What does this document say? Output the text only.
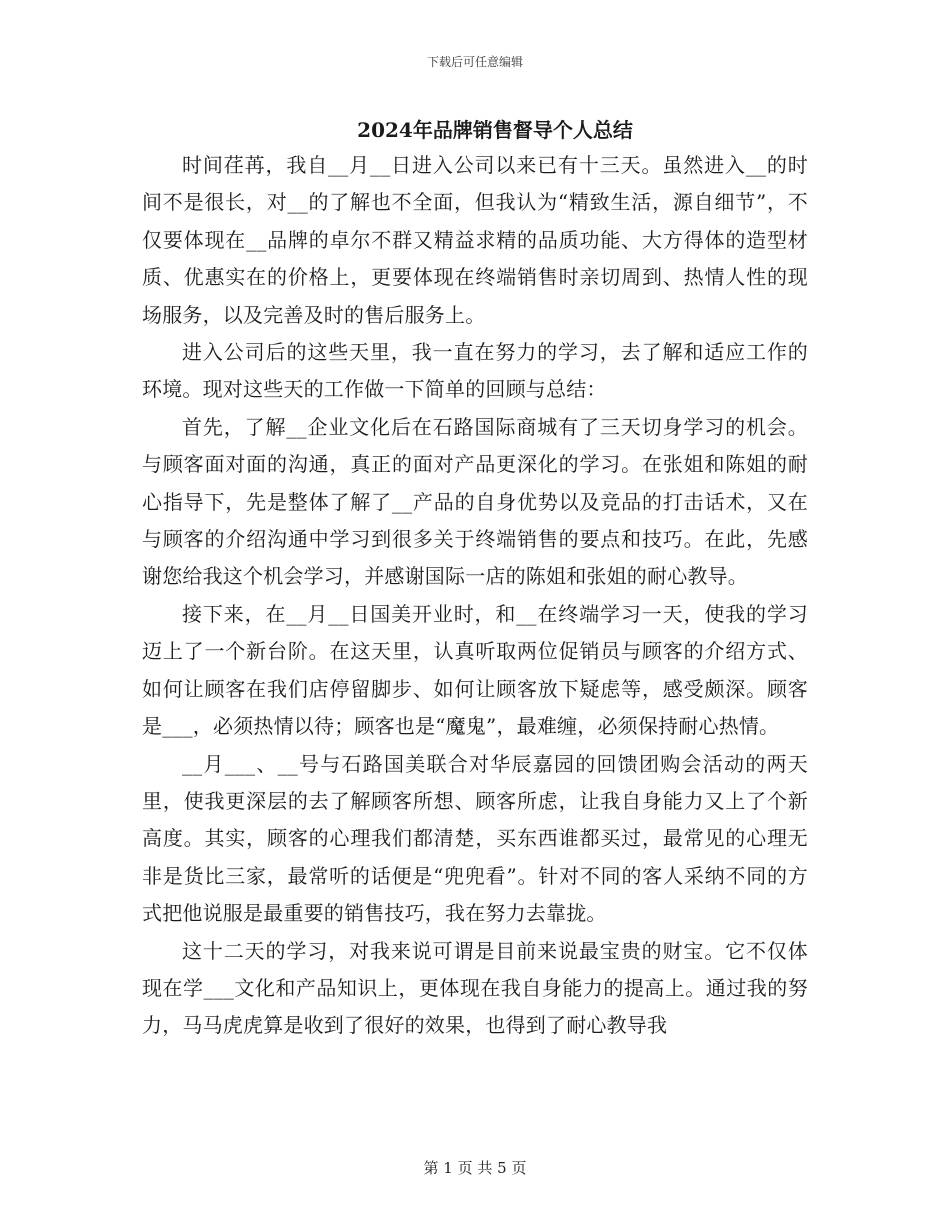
下载后可任意编辑
2024年品牌销售督导个人总结

时间荏苒，我自__月__日进入公司以来已有十三天。虽然进入__的时间不是很长，对__的了解也不全面，但我认为“精致生活，源自细节”，不仅要体现在__品牌的卓尔不群又精益求精的品质功能、大方得体的造型材质、优惠实在的价格上，更要体现在终端销售时亲切周到、热情人性的现场服务，以及完善及时的售后服务上。

进入公司后的这些天里，我一直在努力的学习，去了解和适应工作的环境。现对这些天的工作做一下简单的回顾与总结：

首先，了解__企业文化后在石路国际商城有了三天切身学习的机会。与顾客面对面的沟通，真正的面对产品更深化的学习。在张姐和陈姐的耐心指导下，先是整体了解了__产品的自身优势以及竞品的打击话术，又在与顾客的介绍沟通中学习到很多关于终端销售的要点和技巧。在此，先感谢您给我这个机会学习，并感谢国际一店的陈姐和张姐的耐心教导。

接下来，在__月__日国美开业时，和__在终端学习一天，使我的学习迈上了一个新台阶。在这天里，认真听取两位促销员与顾客的介绍方式、如何让顾客在我们店停留脚步、如何让顾客放下疑虑等，感受颇深。顾客是___，必须热情以待；顾客也是“魔鬼”，最难缠，必须保持耐心热情。

__月___、__号与石路国美联合对华辰嘉园的回馈团购会活动的两天里，使我更深层的去了解顾客所想、顾客所虑，让我自身能力又上了个新高度。其实，顾客的心理我们都清楚，买东西谁都买过，最常见的心理无非是货比三家，最常听的话便是“兜兜看”。针对不同的客人采纳不同的方式把他说服是最重要的销售技巧，我在努力去靠拢。

这十二天的学习，对我来说可谓是目前来说最宝贵的财宝。它不仅体现在学___文化和产品知识上，更体现在我自身能力的提高上。通过我的努力，马马虎虎算是收到了很好的效果，也得到了耐心教导我

第 1 页 共 5 页
